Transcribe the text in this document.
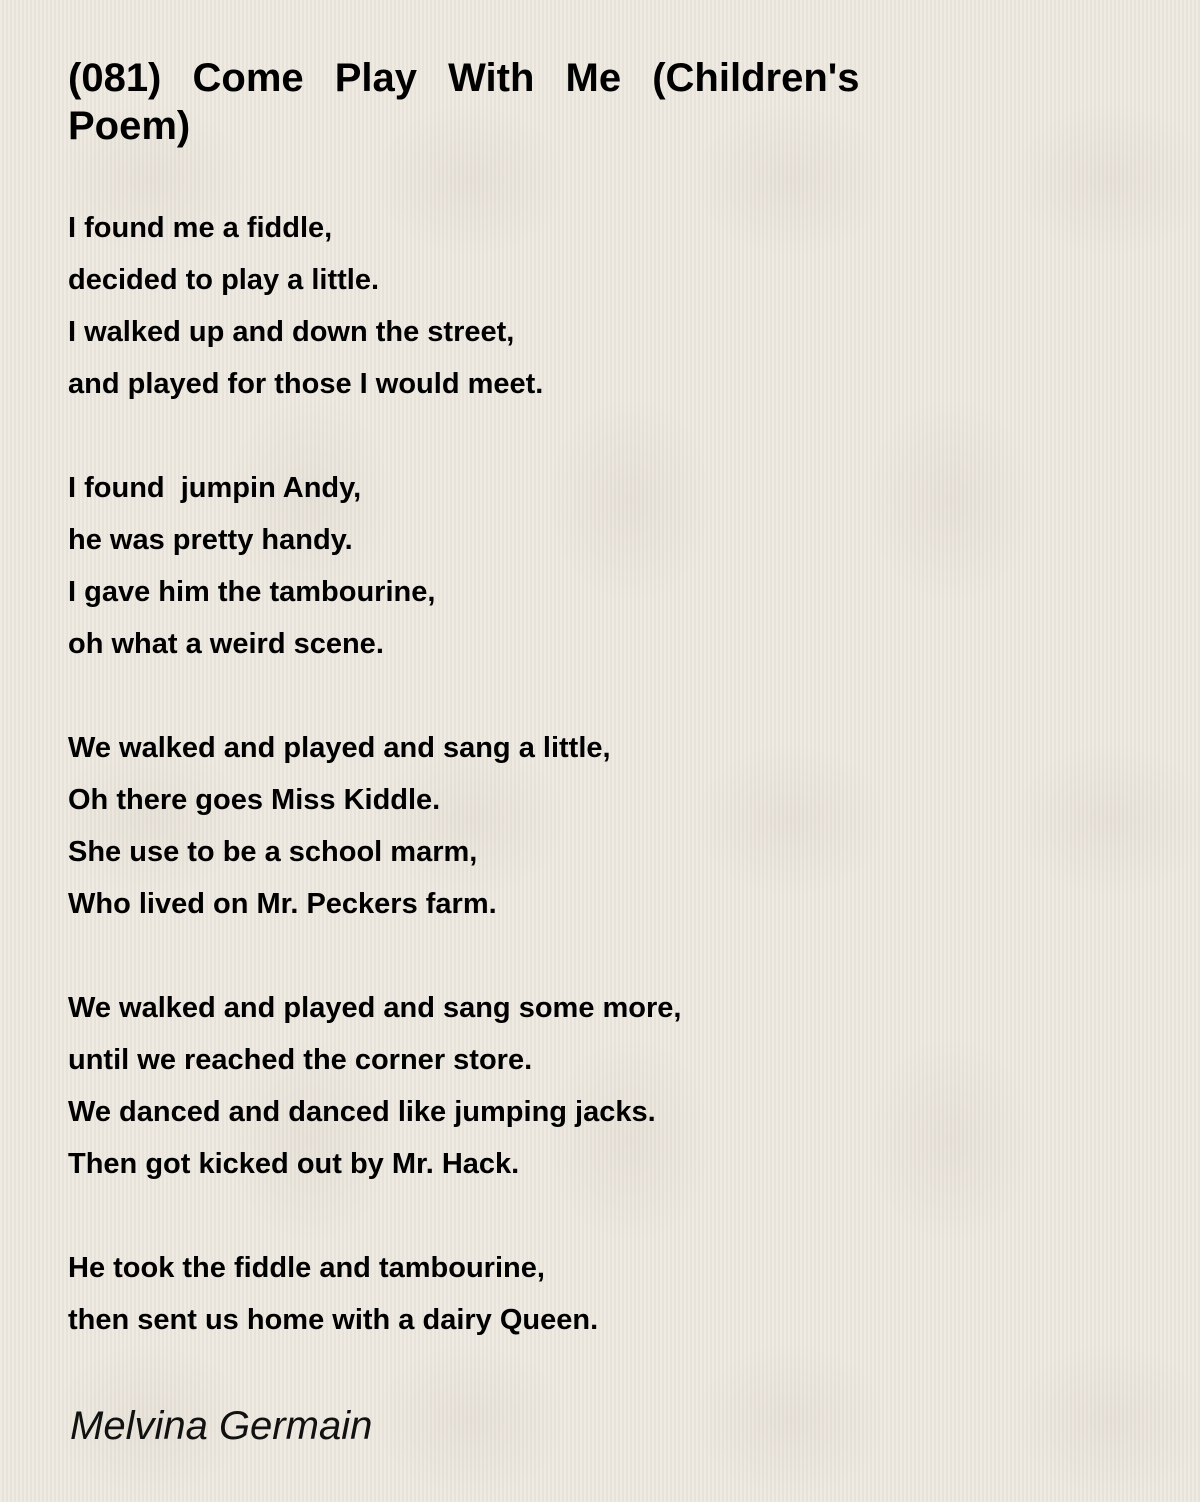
(081) Come Play With Me (Children's Poem)
I found me a fiddle,
decided to play a little.
I walked up and down the street,
and played for those I would meet.
I found  jumpin Andy,
he was pretty handy.
I gave him the tambourine,
oh what a weird scene.
We walked and played and sang a little,
Oh there goes Miss Kiddle.
She use to be a school marm,
Who lived on Mr. Peckers farm.
We walked and played and sang some more,
until we reached the corner store.
We danced and danced like jumping jacks.
Then got kicked out by Mr. Hack.
He took the fiddle and tambourine,
then sent us home with a dairy Queen.
Melvina Germain
